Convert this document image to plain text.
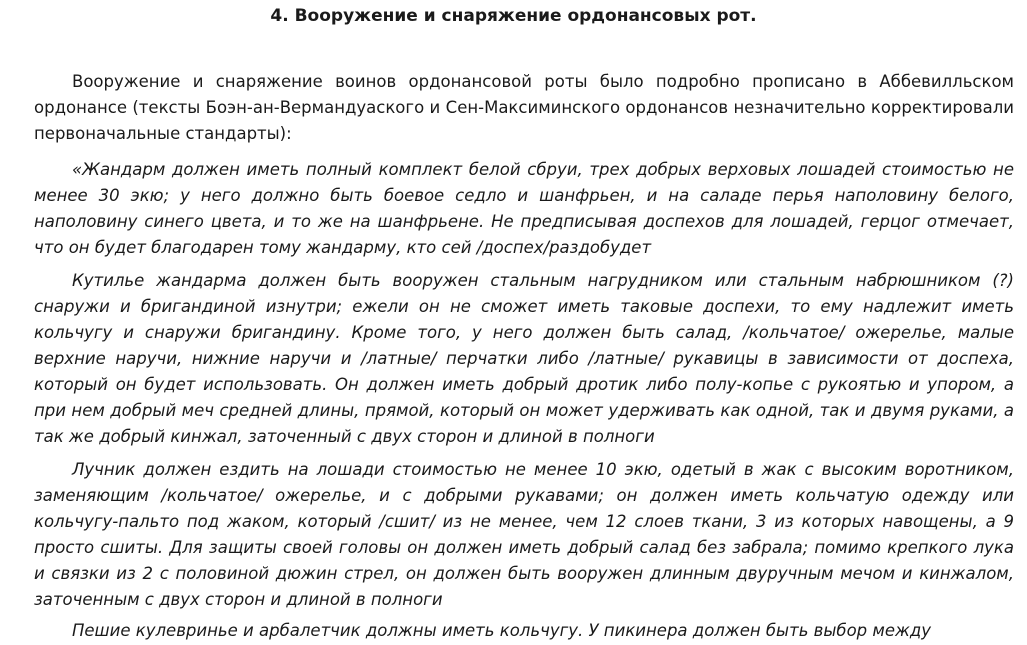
4. Вооружение и снаряжение ордонансовых рот.

Вооружение и снаряжение воинов ордонансовой роты было подробно прописано в Аббевилльском ордонансе (тексты Боэн-ан-Вермандуаского и Сен-Максиминского ордонансов незначительно корректировали первоначальные стандарты):

«Жандарм должен иметь полный комплект белой сбруи, трех добрых верховых лошадей стоимостью не менее 30 экю; у него должно быть боевое седло и шанфрьен, и на саладе перья наполовину белого, наполовину синего цвета, и то же на шанфрьене. Не предписывая доспехов для лошадей, герцог отмечает, что он будет благодарен тому жандарму, кто сей /доспех/раздобудет

Кутилье жандарма должен быть вооружен стальным нагрудником или стальным набрюшником (?) снаружи и бригандиной изнутри; ежели он не сможет иметь таковые доспехи, то ему надлежит иметь кольчугу и снаружи бригандину. Кроме того, у него должен быть салад, /кольчатое/ ожерелье, малые верхние наручи, нижние наручи и /латные/ перчатки либо /латные/ рукавицы в зависимости от доспеха, который он будет использовать. Он должен иметь добрый дротик либо полу-копье с рукоятью и упором, а при нем добрый меч средней длины, прямой, который он может удерживать как одной, так и двумя руками, а так же добрый кинжал, заточенный с двух сторон и длиной в полноги

Лучник должен ездить на лошади стоимостью не менее 10 экю, одетый в жак с высоким воротником, заменяющим /кольчатое/ ожерелье, и с добрыми рукавами; он должен иметь кольчатую одежду или кольчугу-пальто под жаком, который /сшит/ из не менее, чем 12 слоев ткани, 3 из которых навощены, а 9 просто сшиты. Для защиты своей головы он должен иметь добрый салад без забрала; помимо крепкого лука и связки из 2 с половиной дюжин стрел, он должен быть вооружен длинным двуручным мечом и кинжалом, заточенным с двух сторон и длиной в полноги

Пешие кулевринье и арбалетчик должны иметь кольчугу. У пикинера должен быть выбор между
